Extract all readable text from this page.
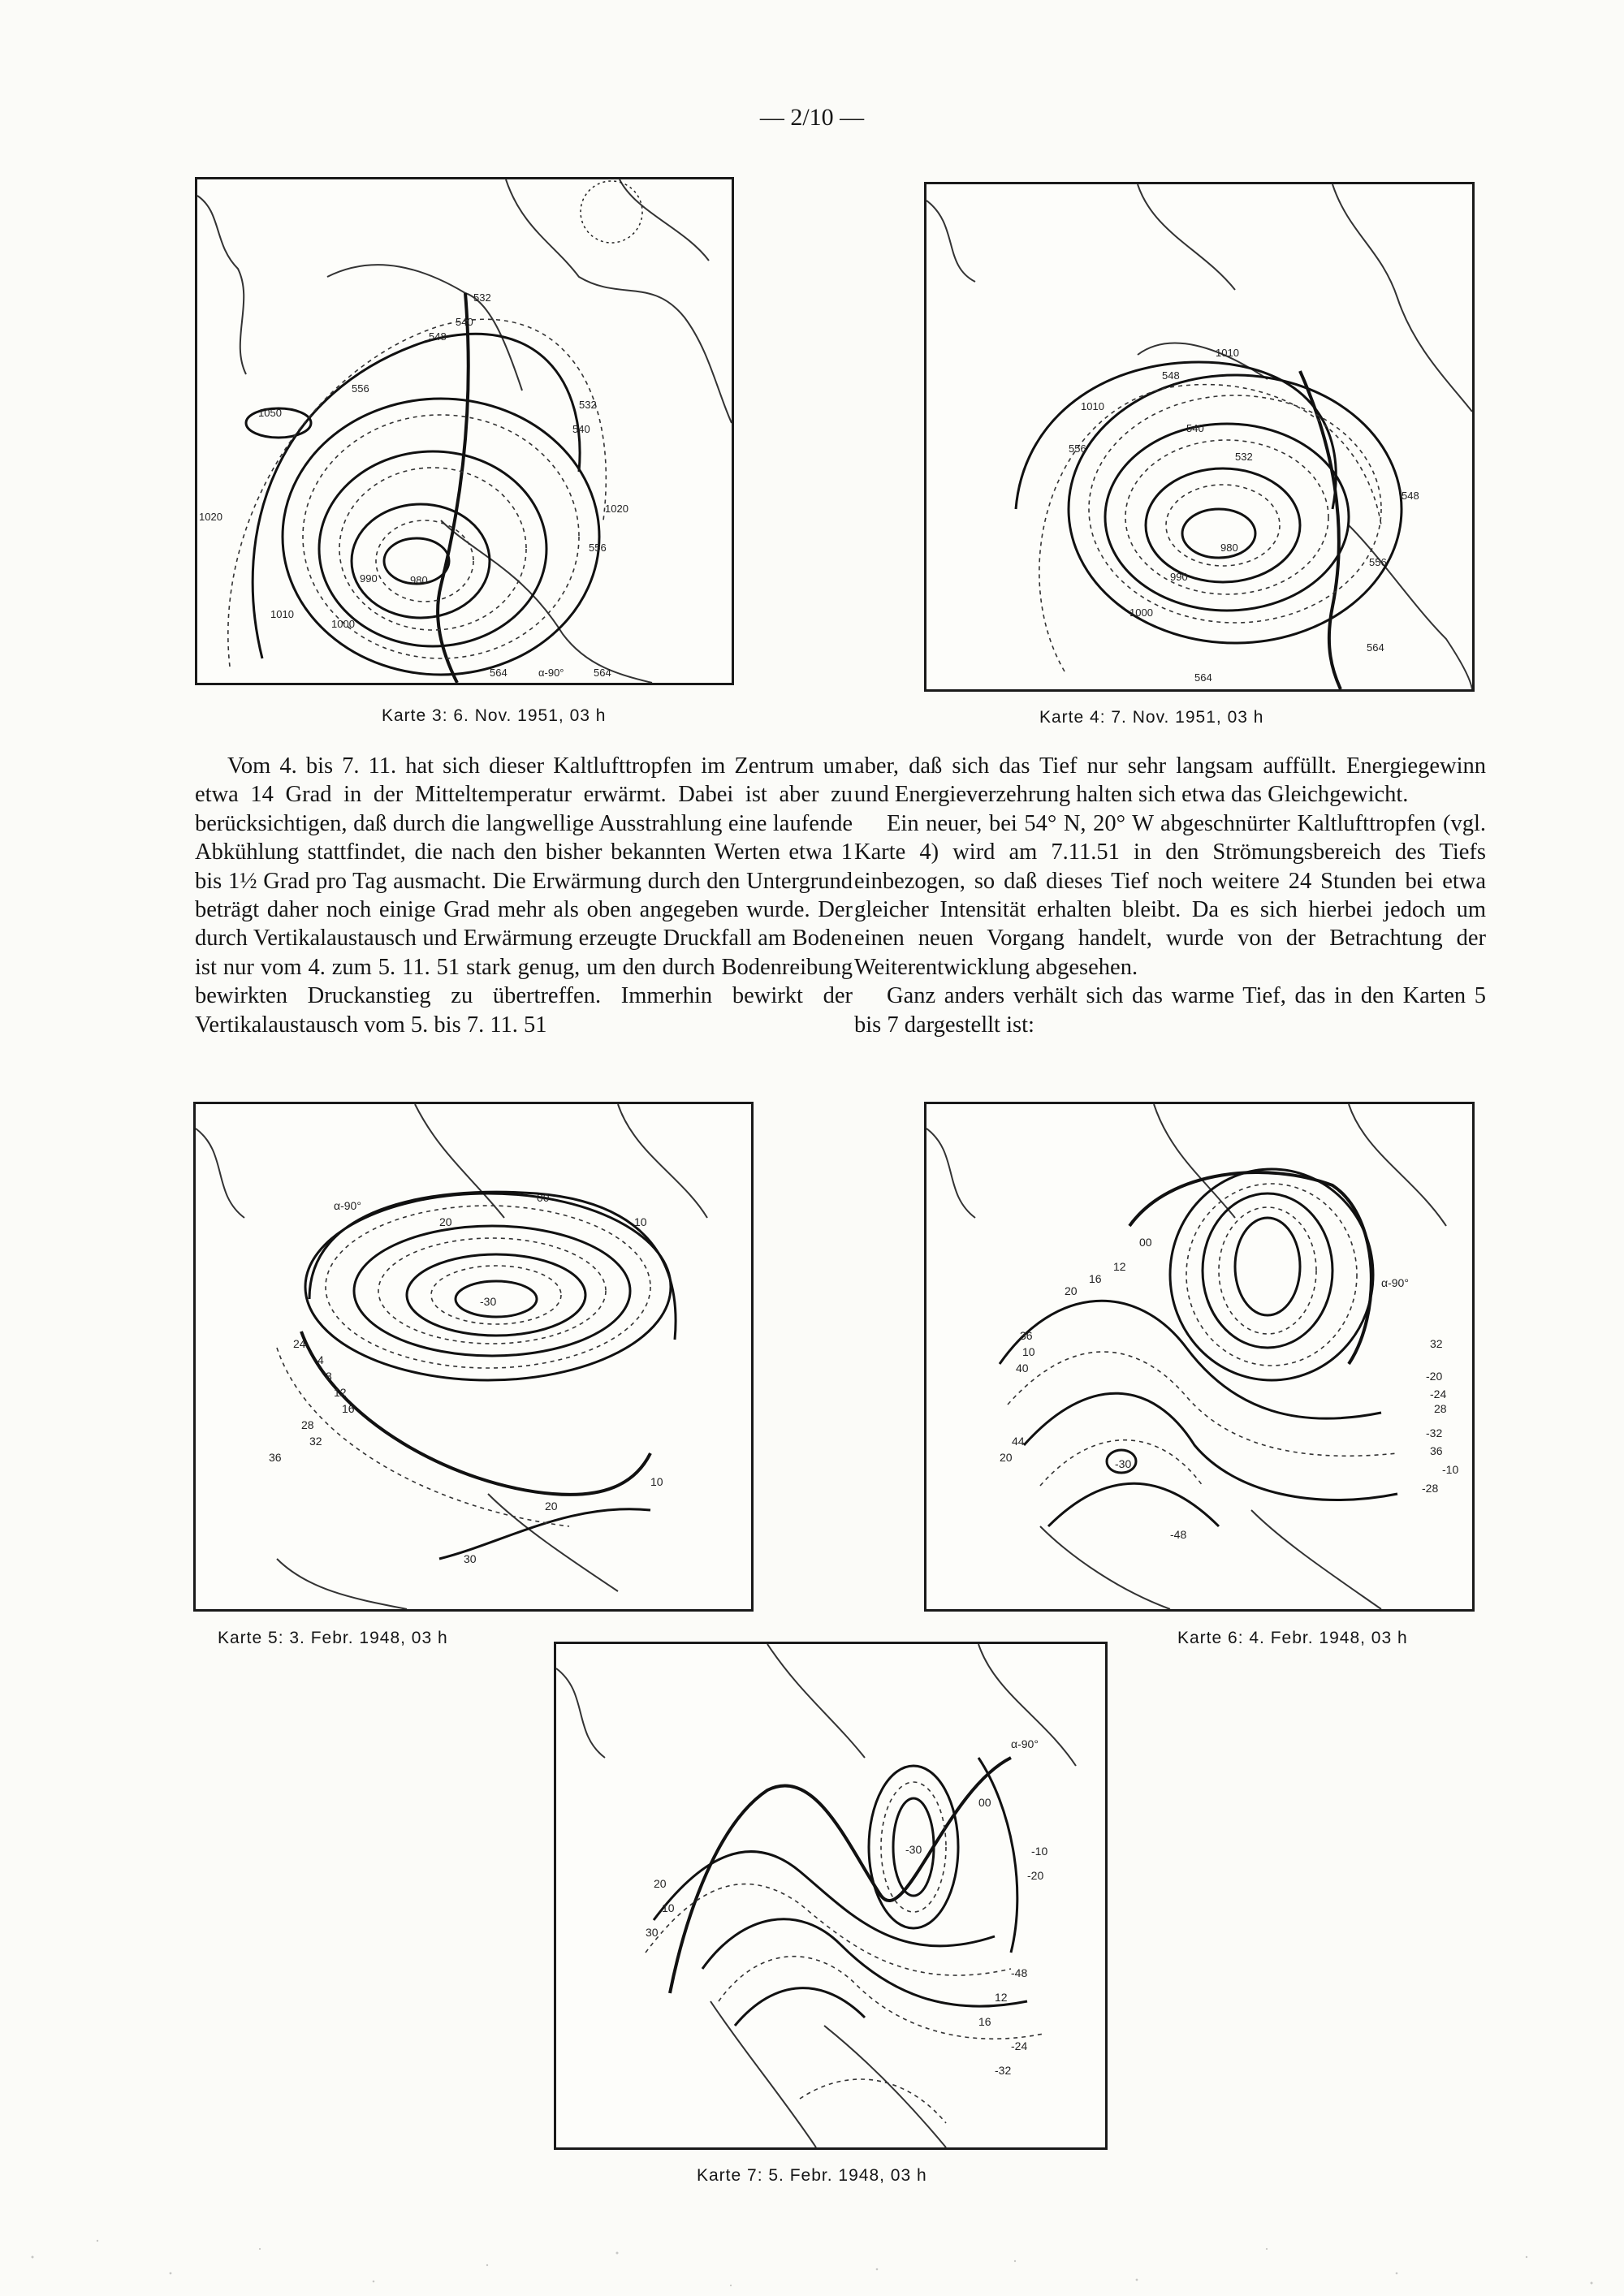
— 2/10 —
1050
556
548
540
532
532
540
1020
556
990	980
1010
1000
1020
564	α-90°	564
Karte 3: 6. Nov. 1951, 03 h
1010
548
1010
556
540
532
990
980
1000
548
556
564
564
Karte 4: 7. Nov. 1951, 03 h

Vom 4. bis 7. 11. hat sich dieser Kaltlufttropfen im Zentrum um etwa 14 Grad in der Mitteltemperatur erwärmt. Dabei ist aber zu berücksichtigen, daß durch die langwellige Ausstrahlung eine laufende Abkühlung stattfindet, die nach den bisher bekannten Werten etwa 1 bis 1½ Grad pro Tag ausmacht. Die Erwärmung durch den Untergrund beträgt daher noch einige Grad mehr als oben angegeben wurde. Der durch Vertikalaustausch und Erwärmung erzeugte Druckfall am Boden ist nur vom 4. zum 5. 11. 51 stark genug, um den durch Bodenreibung bewirkten Druckanstieg zu übertreffen. Immerhin bewirkt der Vertikalaustausch vom 5. bis 7. 11. 51

aber, daß sich das Tief nur sehr langsam auffüllt. Energiegewinn und Energieverzehrung halten sich etwa das Gleichgewicht.

Ein neuer, bei 54° N, 20° W abgeschnürter Kaltlufttropfen (vgl. Karte 4) wird am 7.11.51 in den Strömungsbereich des Tiefs einbezogen, so daß dieses Tief noch weitere 24 Stunden bei etwa gleicher Intensität erhalten bleibt. Da es sich hierbei jedoch um einen neuen Vorgang handelt, wurde von der Betrachtung der Weiterentwicklung abgesehen.

Ganz anders verhält sich das warme Tief, das in den Karten 5 bis 7 dargestellt ist:

α-90°
00
10
20
-30
4
8
12
16
24
28
32
36
10
20
30
Karte 5: 3. Febr. 1948, 03 h
00
20
16
12
36
10
40
44
20	-30
-48
α-90°
32
-20
-24
28
-32
36
-10
-28
Karte 6: 4. Febr. 1948, 03 h
α-90°
00
-10
-20
-30
20
10
30
-48
12
16
-24
-32
Karte 7: 5. Febr. 1948, 03 h
